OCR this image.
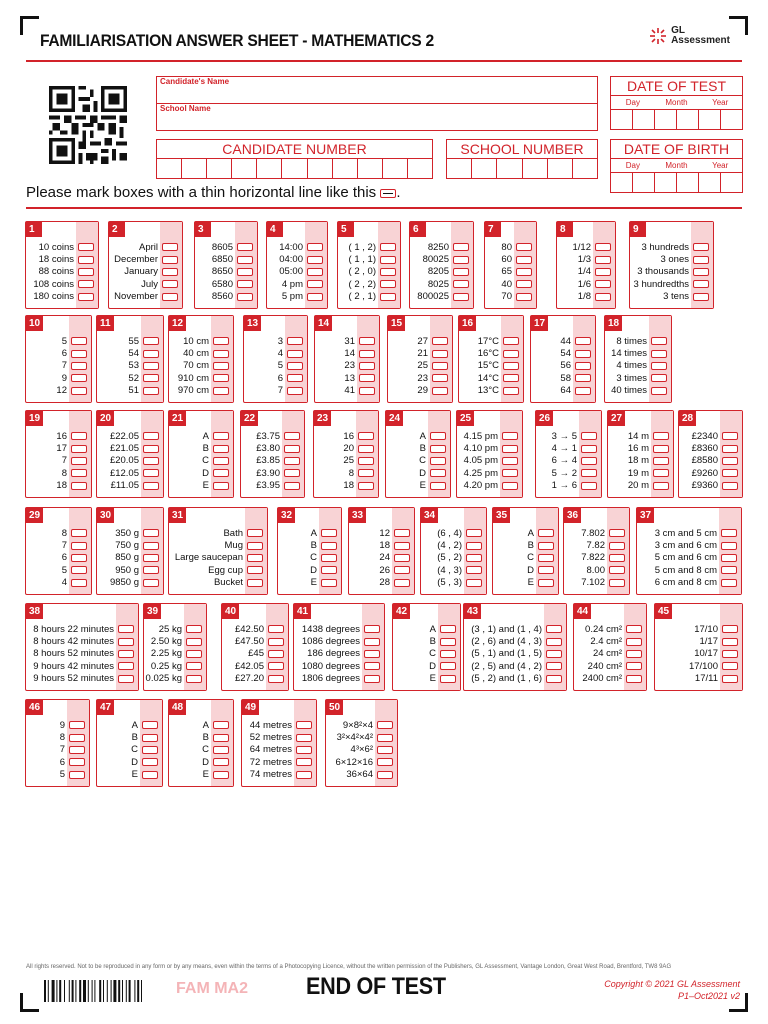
FAMILIARISATION ANSWER SHEET - MATHEMATICS 2
GL
Assessment
Candidate's Name
School Name
CANDIDATE NUMBER	SCHOOL NUMBER
DATE OF TEST
Day	Month	Year
DATE OF BIRTH
Day	Month	Year
Please mark boxes with a thin horizontal line like this .
1
10 coins
18 coins
88 coins
108 coins
180 coins
2
April
December
January
July
November
3
8605
6850
8650
6580
8560
4
14:00
04:00
05:00
4 pm
5 pm
5
( 1 , 2)
( 1 , 1)
( 2 , 0)
( 2 , 2)
( 2 , 1)
6
8250
80025
8205
8025
800025
7
80
60
65
40
70
8
1/12
1/3
1/4
1/6
1/8
9
3 hundreds
3 ones
3 thousands
3 hundredths
3 tens
10
5
6
7
9
12
11
55
54
53
52
51
12
10 cm
40 cm
70 cm
910 cm
970 cm
13
3
4
5
6
7
14
31
14
23
13
41
15
27
21
25
23
29
16
17°C
16°C
15°C
14°C
13°C
17
44
54
56
58
64
18
8 times
14 times
4 times
3 times
40 times
19
16
17
7
8
18
20
£22.05
£21.05
£20.05
£12.05
£11.05
21
A
B
C
D
E
22
£3.75
£3.80
£3.85
£3.90
£3.95
23
16
20
25
8
18
24
A
B
C
D
E
25
4.15 pm
4.10 pm
4.05 pm
4.25 pm
4.20 pm
26
3 → 5
4 → 1
6 → 4
5 → 2
1 → 6
27
14 m
16 m
18 m
19 m
20 m
28
£2340
£8360
£8580
£9260
£9360
29
8
7
6
5
4
30
350 g
750 g
850 g
950 g
9850 g
31
Bath
Mug
Large saucepan
Egg cup
Bucket
32
A
B
C
D
E
33
12
18
24
26
28
34
(6 , 4)
(4 , 2)
(5 , 2)
(4 , 3)
(5 , 3)
35
A
B
C
D
E
36
7.802
7.82
7.822
8.00
7.102
37
3 cm and 5 cm
3 cm and 6 cm
5 cm and 6 cm
5 cm and 8 cm
6 cm and 8 cm
38
8 hours 22 minutes
8 hours 42 minutes
8 hours 52 minutes
9 hours 42 minutes
9 hours 52 minutes
39
25 kg
2.50 kg
2.25 kg
0.25 kg
0.025 kg
40
£42.50
£47.50
£45
£42.05
£27.20
41
1438 degrees
1086 degrees
186 degrees
1080 degrees
1806 degrees
42
A
B
C
D
E
43
(3 , 1) and (1 , 4)
(2 , 6) and (4 , 3)
(5 , 1) and (1 , 5)
(2 , 5) and (4 , 2)
(5 , 2) and (1 , 6)
44
0.24 cm²
2.4 cm²
24 cm²
240 cm²
2400 cm²
45
17/10
1/17
10/17
17/100
17/11
46
9
8
7
6
5
47
A
B
C
D
E
48
A
B
C
D
E
49
44 metres
52 metres
64 metres
72 metres
74 metres
50
9×8²×4
3²×4²×4²
4³×6²
6×12×16
36×64
All rights reserved. Not to be reproduced in any form or by any means, even within the terms of a Photocopying Licence, without the written permission of the Publishers, GL Assessment, Vantage London, Great West Road, Brentford, TW8 9AG
FAM MA2 END OF TEST	Copyright © 2021 GL Assessment
P1–Oct2021 v2
